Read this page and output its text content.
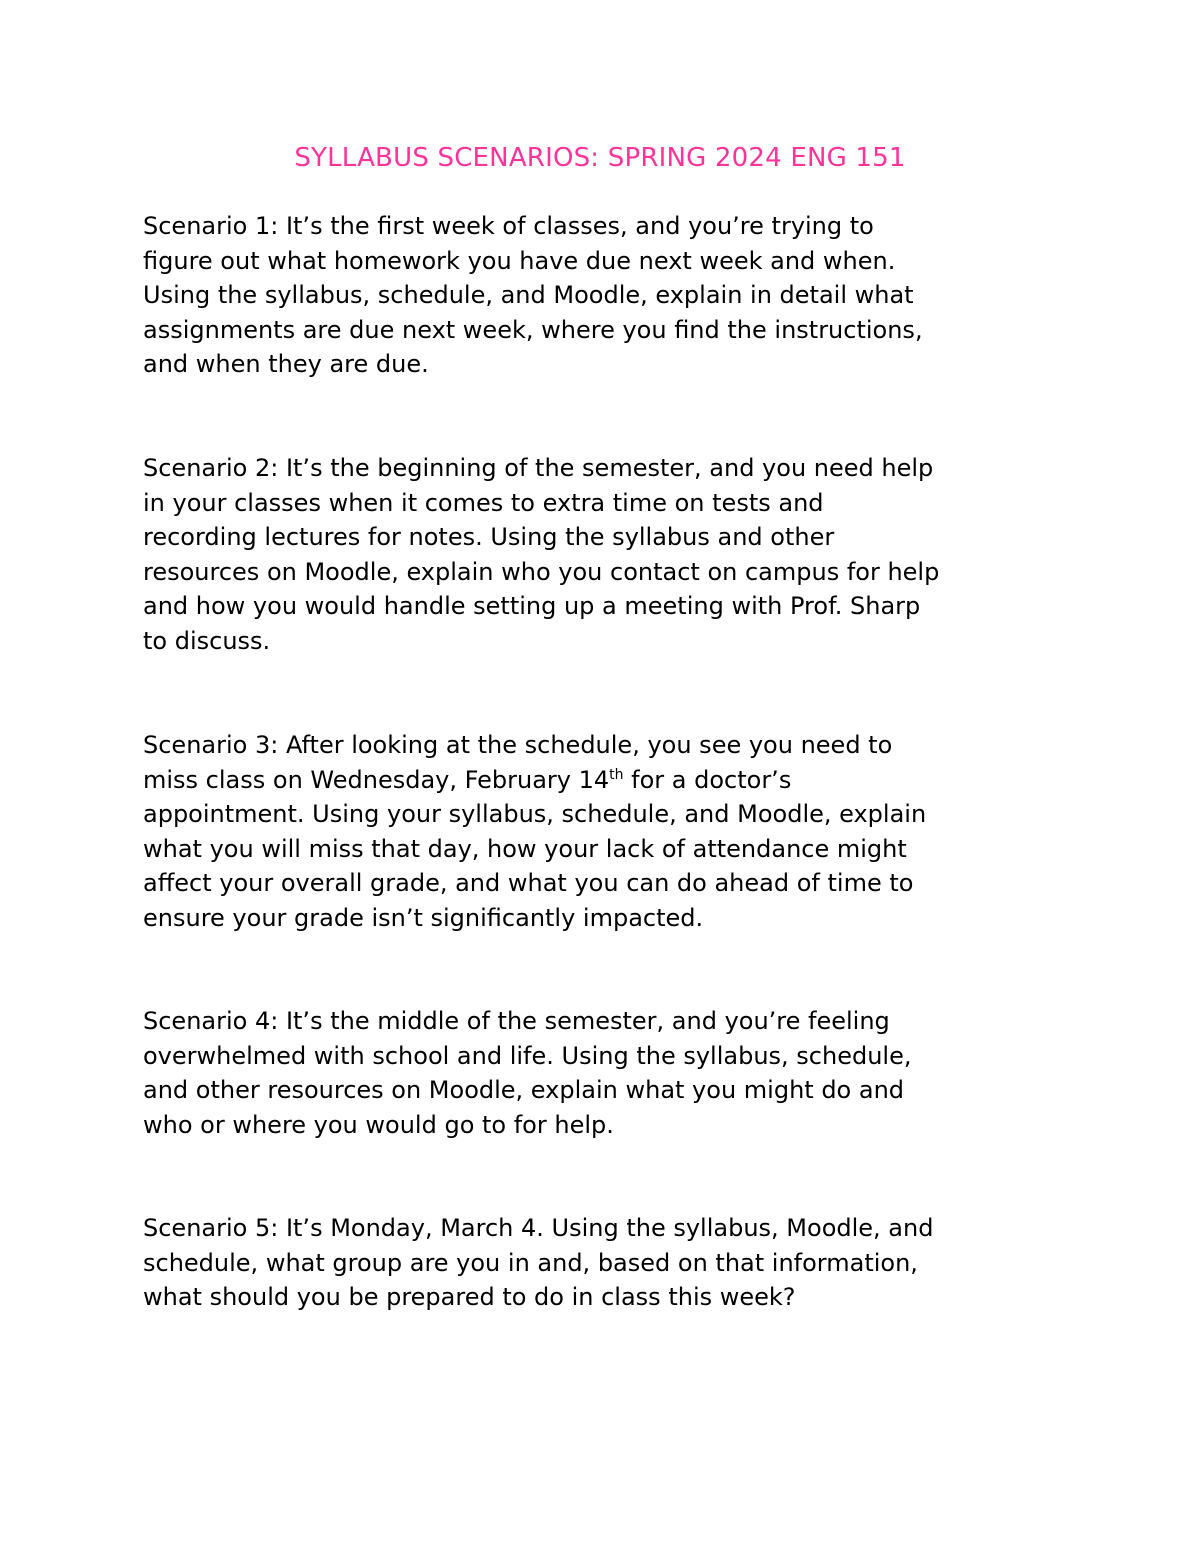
SYLLABUS SCENARIOS: SPRING 2024 ENG 151

Scenario 1: It’s the first week of classes, and you’re trying to
figure out what homework you have due next week and when.
Using the syllabus, schedule, and Moodle, explain in detail what
assignments are due next week, where you find the instructions,
and when they are due.

Scenario 2: It’s the beginning of the semester, and you need help
in your classes when it comes to extra time on tests and
recording lectures for notes. Using the syllabus and other
resources on Moodle, explain who you contact on campus for help
and how you would handle setting up a meeting with Prof. Sharp
to discuss.

Scenario 3: After looking at the schedule, you see you need to
miss class on Wednesday, February 14th for a doctor’s
appointment. Using your syllabus, schedule, and Moodle, explain
what you will miss that day, how your lack of attendance might
affect your overall grade, and what you can do ahead of time to
ensure your grade isn’t significantly impacted.

Scenario 4: It’s the middle of the semester, and you’re feeling
overwhelmed with school and life. Using the syllabus, schedule,
and other resources on Moodle, explain what you might do and
who or where you would go to for help.

Scenario 5: It’s Monday, March 4. Using the syllabus, Moodle, and
schedule, what group are you in and, based on that information,
what should you be prepared to do in class this week?
